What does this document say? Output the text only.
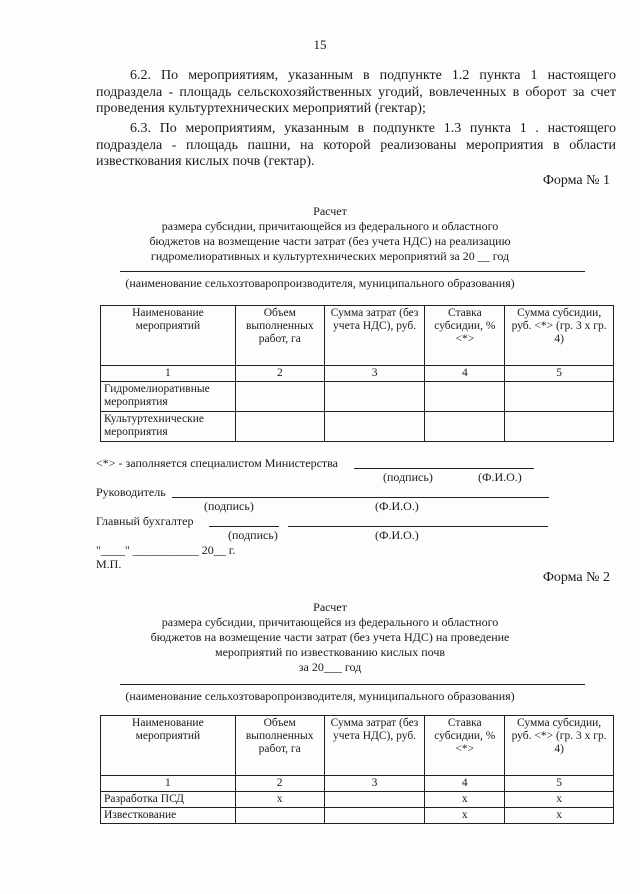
15
6.2. По мероприятиям, указанным в подпункте 1.2 пункта 1 настоящего подраздела - площадь сельскохозяйственных угодий, вовлеченных в оборот за счет проведения культуртехнических мероприятий (гектар);
6.3. По мероприятиям, указанным в подпункте 1.3 пункта 1 . настоящего подраздела - площадь пашни, на которой реализованы мероприятия в области известкования кислых почв (гектар).
Форма № 1
Расчет
размера субсидии, причитающейся из федерального и областного
бюджетов на возмещение части затрат (без учета НДС) на реализацию
гидромелиоративных и культуртехнических мероприятий за 20 __ год
(наименование сельхозтоваропроизводителя, муниципального образования)
Наименование мероприятий	Объем выполненных работ, га	Сумма затрат (без учета НДС), руб.	Ставка субсидии, % <*>	Сумма субсидии, руб. <*> (гр. 3 x гр. 4)
1	2	3	4	5
Гидромелиоративные мероприятия				
Культуртехнические мероприятия				
<*> - заполняется специалистом Министерства
(подпись)	(Ф.И.О.)
Руководитель
(подпись)	(Ф.И.О.)
Главный бухгалтер
(подпись)	(Ф.И.О.)
"____" ___________ 20__ г.
М.П.
Форма № 2
Расчет
размера субсидии, причитающейся из федерального и областного
бюджетов на возмещение части затрат (без учета НДС) на проведение
мероприятий по известкованию кислых почв
за 20___ год
(наименование сельхозтоваропроизводителя, муниципального образования)
Наименование мероприятий	Объем выполненных работ, га	Сумма затрат (без учета НДС), руб.	Ставка субсидии, % <*>	Сумма субсидии, руб. <*> (гр. 3 x гр. 4)
1	2	3	4	5
Разработка ПСД	x		x	x
Известкование			x	x
